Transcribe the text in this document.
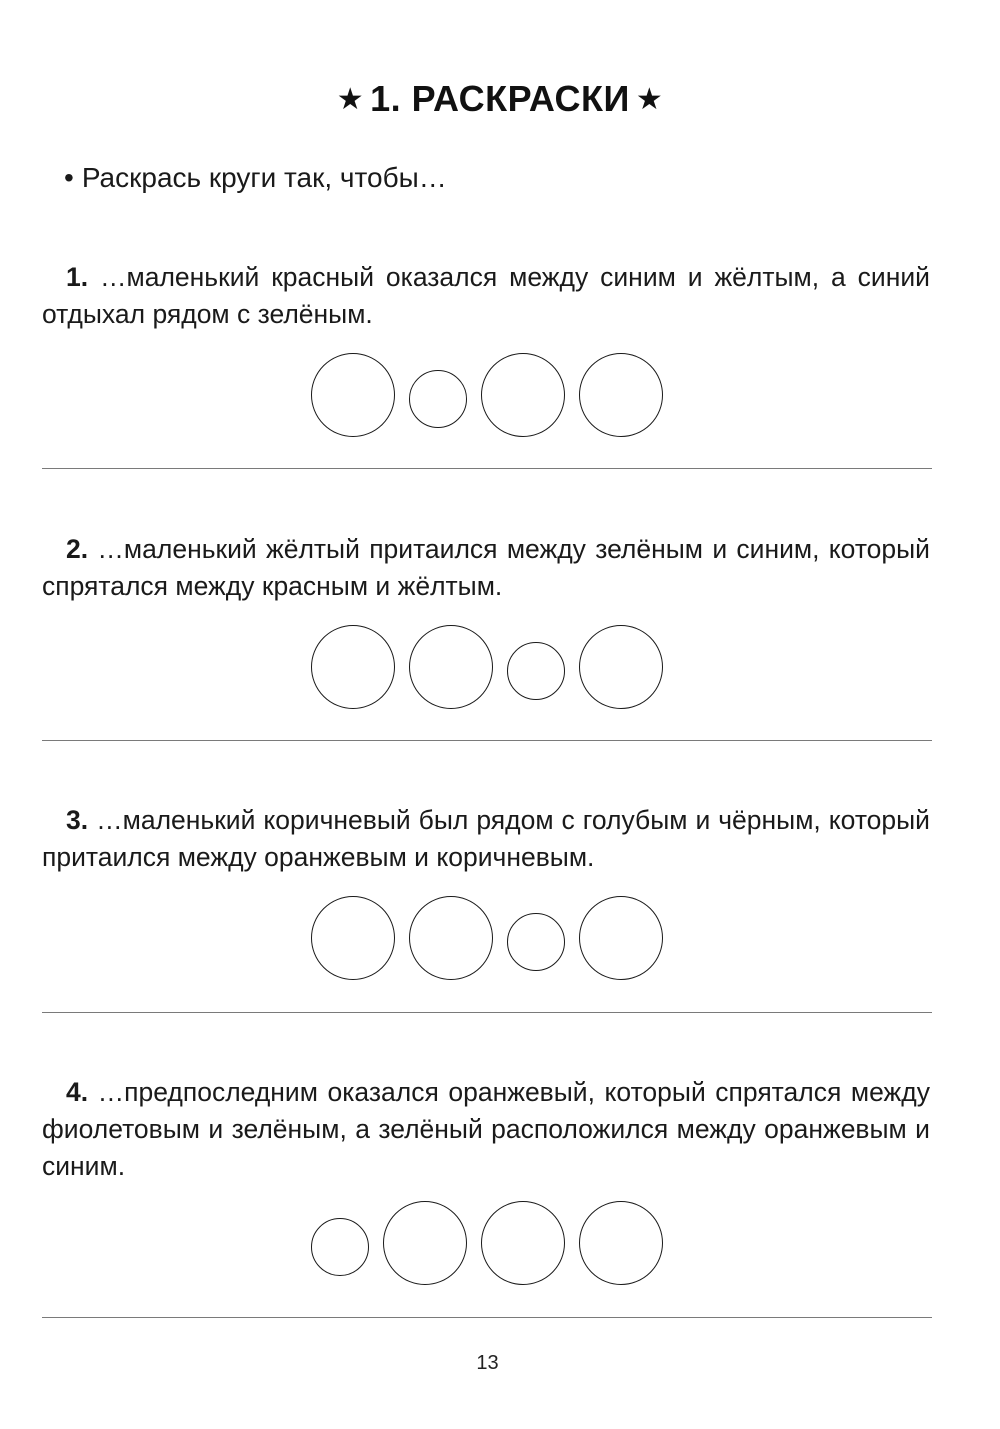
★ 1. РАСКРАСКИ ★
• Раскрась круги так, чтобы…
1. …маленький красный оказался между синим и жёлтым, а синий отдыхал рядом с зелёным.
2. …маленький жёлтый притаился между зелёным и синим, который спрятался между красным и жёлтым.
3. …маленький коричневый был рядом с голубым и чёрным, который притаился между оранжевым и коричневым.
4. …предпоследним оказался оранжевый, который спрятался между фиолетовым и зелёным, а зелёный расположился между оранжевым и синим.
13
